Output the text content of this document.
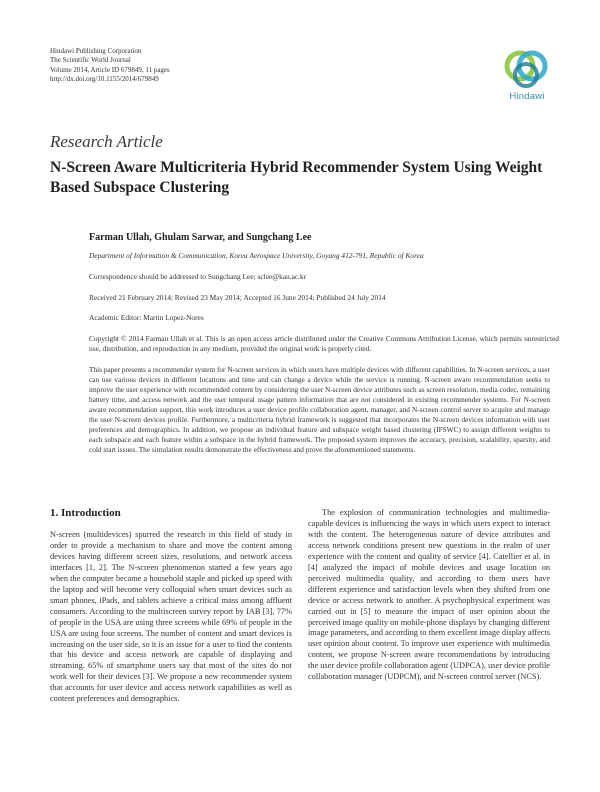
Hindawi Publishing Corporation
The Scientific World Journal
Volume 2014, Article ID 679849, 11 pages
http://dx.doi.org/10.1155/2014/679849
Hindawi
Research Article
N-Screen Aware Multicriteria Hybrid Recommender System Using Weight Based Subspace Clustering
Farman Ullah, Ghulam Sarwar, and Sungchang Lee
Department of Information & Communication, Korea Aerospace University, Goyang 412-791, Republic of Korea
Correspondence should be addressed to Sungchang Lee; sclee@kau.ac.kr
Received 21 February 2014; Revised 23 May 2014; Accepted 16 June 2014; Published 24 July 2014
Academic Editor: Martin Lopez-Nores
Copyright © 2014 Farman Ullah et al. This is an open access article distributed under the Creative Commons Attribution License, which permits unrestricted use, distribution, and reproduction in any medium, provided the original work is properly cited.
This paper presents a recommender system for N-screen services in which users have multiple devices with different capabilities. In N-screen services, a user can use various devices in different locations and time and can change a device while the service is running. N-screen aware recommendation seeks to improve the user experience with recommended content by considering the user N-screen device attributes such as screen resolution, media codec, remaining battery time, and access network and the user temporal usage pattern information that are not considered in existing recommender systems. For N-screen aware recommendation support, this work introduces a user device profile collaboration agent, manager, and N-screen control server to acquire and manage the user N-screen devices profile. Furthermore, a multicriteria hybrid framework is suggested that incorporates the N-screen devices information with user preferences and demographics. In addition, we propose an individual feature and subspace weight based clustering (IFSWC) to assign different weights to each subspace and each feature within a subspace in the hybrid framework. The proposed system improves the accuracy, precision, scalability, sparsity, and cold start issues. The simulation results demonstrate the effectiveness and prove the aforementioned statements.
1. Introduction

N-screen (multidevices) spurred the research in this field of study in order to provide a mechanism to share and move the content among devices having different screen sizes, resolutions, and network access interfaces [1, 2]. The N-screen phenomenon started a few years ago when the computer became a household staple and picked up speed with the laptop and will become very colloquial when smart devices such as smart phones, iPads, and tablets achieve a critical mass among affluent consumers. According to the multiscreen survey report by IAB [3], 77% of people in the USA are using three screens while 69% of people in the USA are using four screens. The number of content and smart devices is increasing on the user side, so it is an issue for a user to find the contents that his device and access network are capable of displaying and streaming. 65% of smartphone users say that most of the sites do not work well for their devices [3]. We propose a new recommender system that accounts for user device and access network capabilities as well as content preferences and demographics.

The explosion of communication technologies and multimedia-capable devices is influencing the ways in which users expect to interact with the content. The heterogeneous nature of device attributes and access network conditions present new questions in the realm of user experience with the content and quality of service [4]. Catellier et al. in [4] analyzed the impact of mobile devices and usage location on perceived multimedia quality, and according to them users have different experience and satisfaction levels when they shifted from one device or access network to another. A psychophysical experiment was carried out in [5] to measure the impact of user opinion about the perceived image quality on mobile-phone displays by changing different image parameters, and according to them excellent image display affects user opinion about content. To improve user experience with multimedia content, we propose N-screen aware recommendations by introducing the user device profile collaboration agent (UDPCA), user device profile collaboration manager (UDPCM), and N-screen control server (NCS).
